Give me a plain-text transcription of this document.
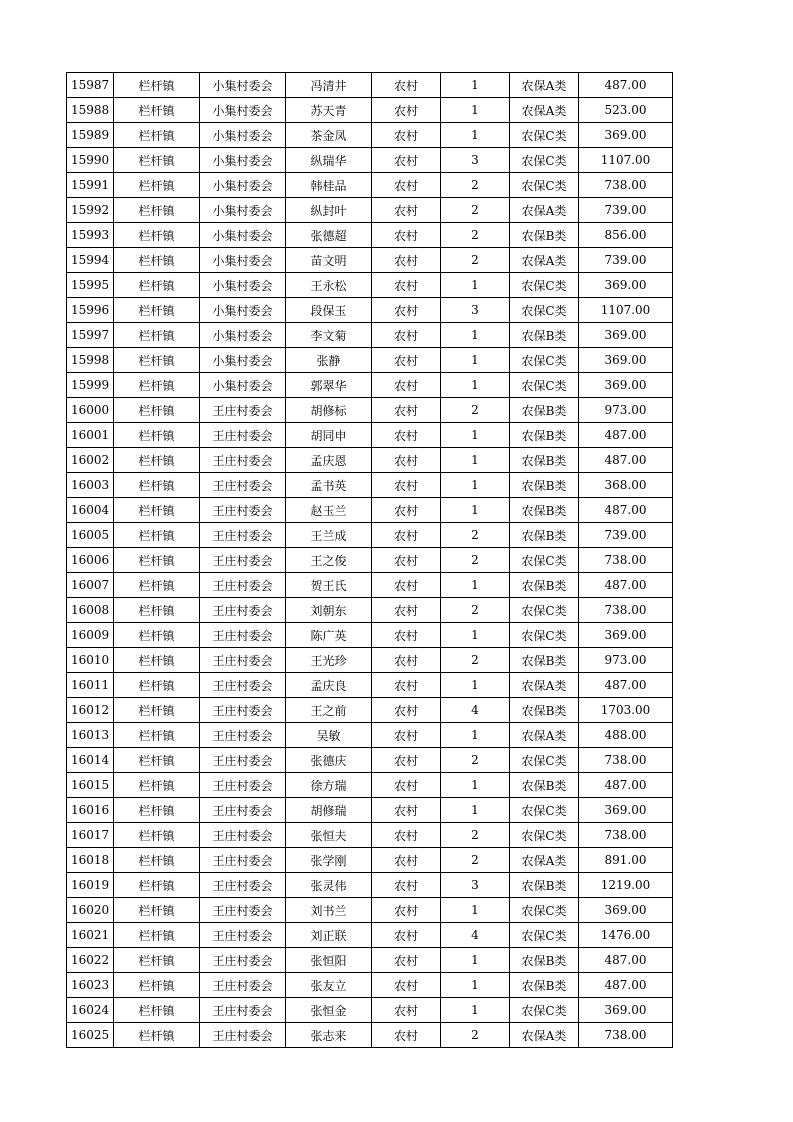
15987	栏杆镇	小集村委会	冯清井	农村	1	农保A类	487.00
15988	栏杆镇	小集村委会	苏天青	农村	1	农保A类	523.00
15989	栏杆镇	小集村委会	茶金凤	农村	1	农保C类	369.00
15990	栏杆镇	小集村委会	纵瑞华	农村	3	农保C类	1107.00
15991	栏杆镇	小集村委会	韩桂品	农村	2	农保C类	738.00
15992	栏杆镇	小集村委会	纵封叶	农村	2	农保A类	739.00
15993	栏杆镇	小集村委会	张德超	农村	2	农保B类	856.00
15994	栏杆镇	小集村委会	苗文明	农村	2	农保A类	739.00
15995	栏杆镇	小集村委会	王永松	农村	1	农保C类	369.00
15996	栏杆镇	小集村委会	段保玉	农村	3	农保C类	1107.00
15997	栏杆镇	小集村委会	李文菊	农村	1	农保B类	369.00
15998	栏杆镇	小集村委会	张静	农村	1	农保C类	369.00
15999	栏杆镇	小集村委会	郭翠华	农村	1	农保C类	369.00
16000	栏杆镇	王庄村委会	胡修标	农村	2	农保B类	973.00
16001	栏杆镇	王庄村委会	胡同申	农村	1	农保B类	487.00
16002	栏杆镇	王庄村委会	孟庆恩	农村	1	农保B类	487.00
16003	栏杆镇	王庄村委会	孟书英	农村	1	农保B类	368.00
16004	栏杆镇	王庄村委会	赵玉兰	农村	1	农保B类	487.00
16005	栏杆镇	王庄村委会	王兰成	农村	2	农保B类	739.00
16006	栏杆镇	王庄村委会	王之俊	农村	2	农保C类	738.00
16007	栏杆镇	王庄村委会	贺王氏	农村	1	农保B类	487.00
16008	栏杆镇	王庄村委会	刘朝东	农村	2	农保C类	738.00
16009	栏杆镇	王庄村委会	陈广英	农村	1	农保C类	369.00
16010	栏杆镇	王庄村委会	王光珍	农村	2	农保B类	973.00
16011	栏杆镇	王庄村委会	孟庆良	农村	1	农保A类	487.00
16012	栏杆镇	王庄村委会	王之前	农村	4	农保B类	1703.00
16013	栏杆镇	王庄村委会	吴敏	农村	1	农保A类	488.00
16014	栏杆镇	王庄村委会	张德庆	农村	2	农保C类	738.00
16015	栏杆镇	王庄村委会	徐方瑞	农村	1	农保B类	487.00
16016	栏杆镇	王庄村委会	胡修瑞	农村	1	农保C类	369.00
16017	栏杆镇	王庄村委会	张恒夫	农村	2	农保C类	738.00
16018	栏杆镇	王庄村委会	张学刚	农村	2	农保A类	891.00
16019	栏杆镇	王庄村委会	张灵伟	农村	3	农保B类	1219.00
16020	栏杆镇	王庄村委会	刘书兰	农村	1	农保C类	369.00
16021	栏杆镇	王庄村委会	刘正联	农村	4	农保C类	1476.00
16022	栏杆镇	王庄村委会	张恒阳	农村	1	农保B类	487.00
16023	栏杆镇	王庄村委会	张友立	农村	1	农保B类	487.00
16024	栏杆镇	王庄村委会	张恒金	农村	1	农保C类	369.00
16025	栏杆镇	王庄村委会	张志来	农村	2	农保A类	738.00
